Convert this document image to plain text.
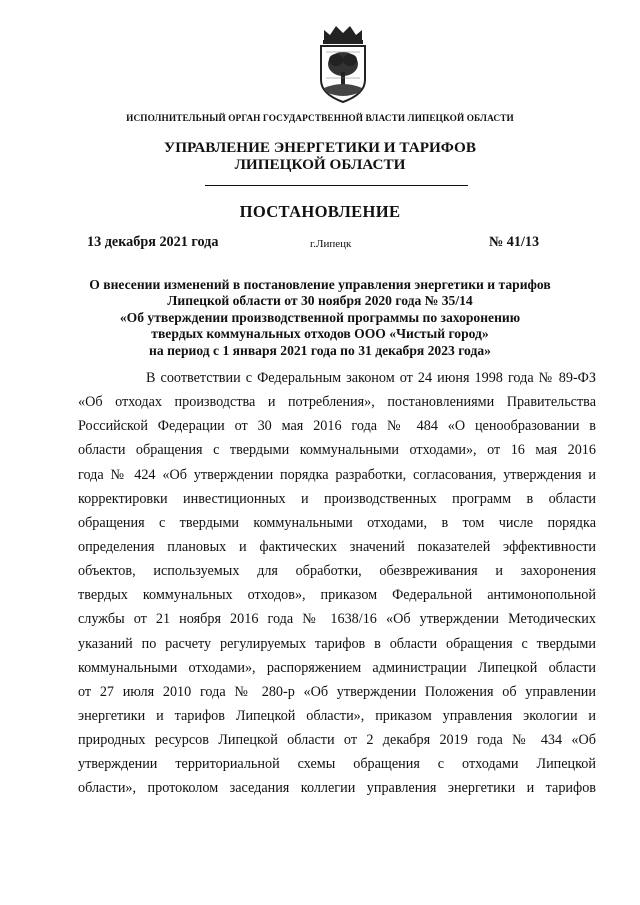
ИСПОЛНИТЕЛЬНЫЙ ОРГАН ГОСУДАРСТВЕННОЙ ВЛАСТИ ЛИПЕЦКОЙ ОБЛАСТИ
УПРАВЛЕНИЕ ЭНЕРГЕТИКИ И ТАРИФОВ
ЛИПЕЦКОЙ ОБЛАСТИ
ПОСТАНОВЛЕНИЕ
13 декабря 2021 года	г.Липецк	№ 41/13
О внесении изменений в постановление управления энергетики и тарифов
Липецкой области от 30 ноября 2020 года № 35/14
«Об утверждении производственной программы по захоронению
твердых коммунальных отходов ООО «Чистый город»
на период с 1 января 2021 года по 31 декабря 2023 года»
В соответствии с Федеральным законом от 24 июня 1998 года № 89-ФЗ
«Об отходах производства и потребления», постановлениями Правительства
Российской Федерации от 30 мая 2016 года № 484 «О ценообразовании в
области обращения с твердыми коммунальными отходами», от 16 мая 2016
года № 424 «Об утверждении порядка разработки, согласования, утверждения и
корректировки инвестиционных и производственных программ в области
обращения с твердыми коммунальными отходами, в том числе порядка
определения плановых и фактических значений показателей эффективности
объектов, используемых для обработки, обезвреживания и захоронения
твердых коммунальных отходов», приказом Федеральной антимонопольной
службы от 21 ноября 2016 года № 1638/16 «Об утверждении Методических
указаний по расчету регулируемых тарифов в области обращения с твердыми
коммунальными отходами», распоряжением администрации Липецкой области
от 27 июля 2010 года № 280-р «Об утверждении Положения об управлении
энергетики и тарифов Липецкой области», приказом управления экологии и
природных ресурсов Липецкой области от 2 декабря 2019 года № 434 «Об
утверждении территориальной схемы обращения с отходами Липецкой
области», протоколом заседания коллегии управления энергетики и тарифов
